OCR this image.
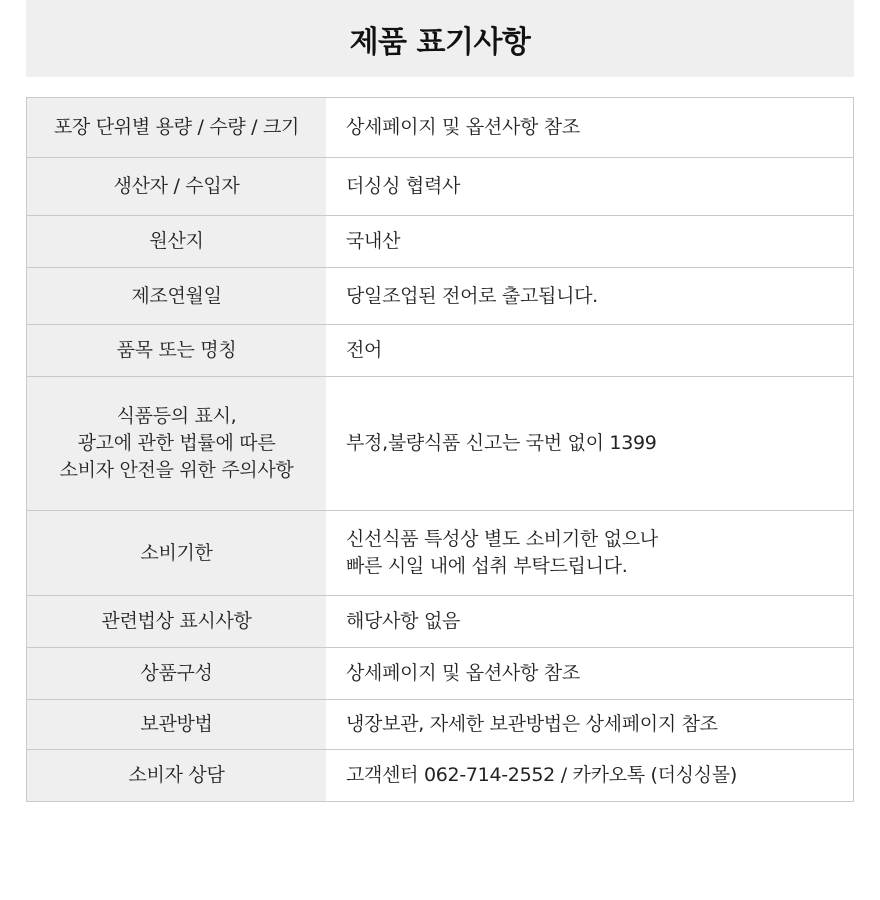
제품 표기사항
포장 단위별 용량 / 수량 / 크기	상세페이지 및 옵션사항 참조

생산자 / 수입자	더싱싱 협력사

원산지	국내산

제조연월일	당일조업된 전어로 출고됩니다.

품목 또는 명칭	전어

식품등의 표시,
광고에 관한 법률에 따른
소비자 안전을 위한 주의사항	부정,불량식품 신고는 국번 없이 1399

소비기한	신선식품 특성상 별도 소비기한 없으나
빠른 시일 내에 섭취 부탁드립니다.

관련법상 표시사항	해당사항 없음

상품구성	상세페이지 및 옵션사항 참조

보관방법	냉장보관, 자세한 보관방법은 상세페이지 참조

소비자 상담	고객센터 062-714-2552 / 카카오톡 (더싱싱몰)
